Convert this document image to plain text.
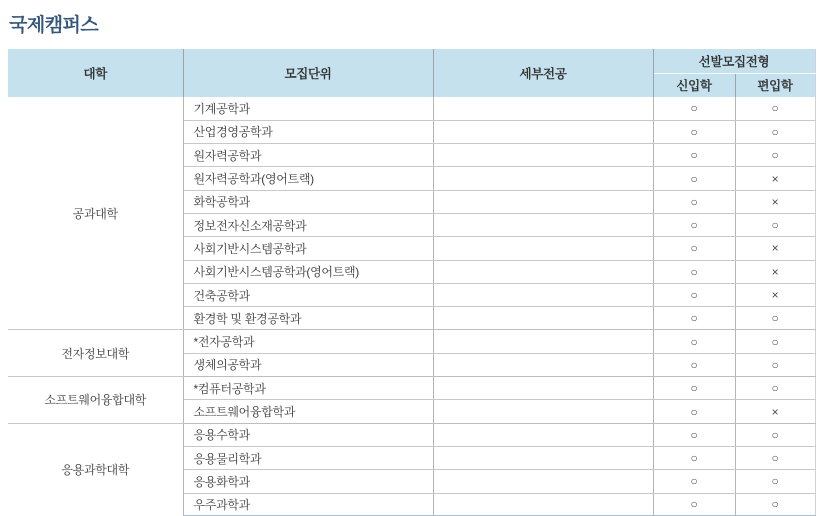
국제캠퍼스
대학	모집단위	세부전공	선발모집전형	
			신입학	편입학
공과대학	기계공학과		○	○
	산업경영공학과		○	○
	원자력공학과		○	○
	원자력공학과(영어트랙)		○	×
	화학공학과		○	×
	정보전자신소재공학과		○	○
	사회기반시스템공학과		○	×
	사회기반시스템공학과(영어트랙)		○	×
	건축공학과		○	×
	환경학 및 환경공학과		○	○
전자정보대학	*전자공학과		○	○
	생체의공학과		○	○
소프트웨어융합대학	*컴퓨터공학과		○	○
	소프트웨어융합학과		○	×
응용과학대학	응용수학과		○	○
	응용물리학과		○	○
	응용화학과		○	○
	우주과학과		○	○
